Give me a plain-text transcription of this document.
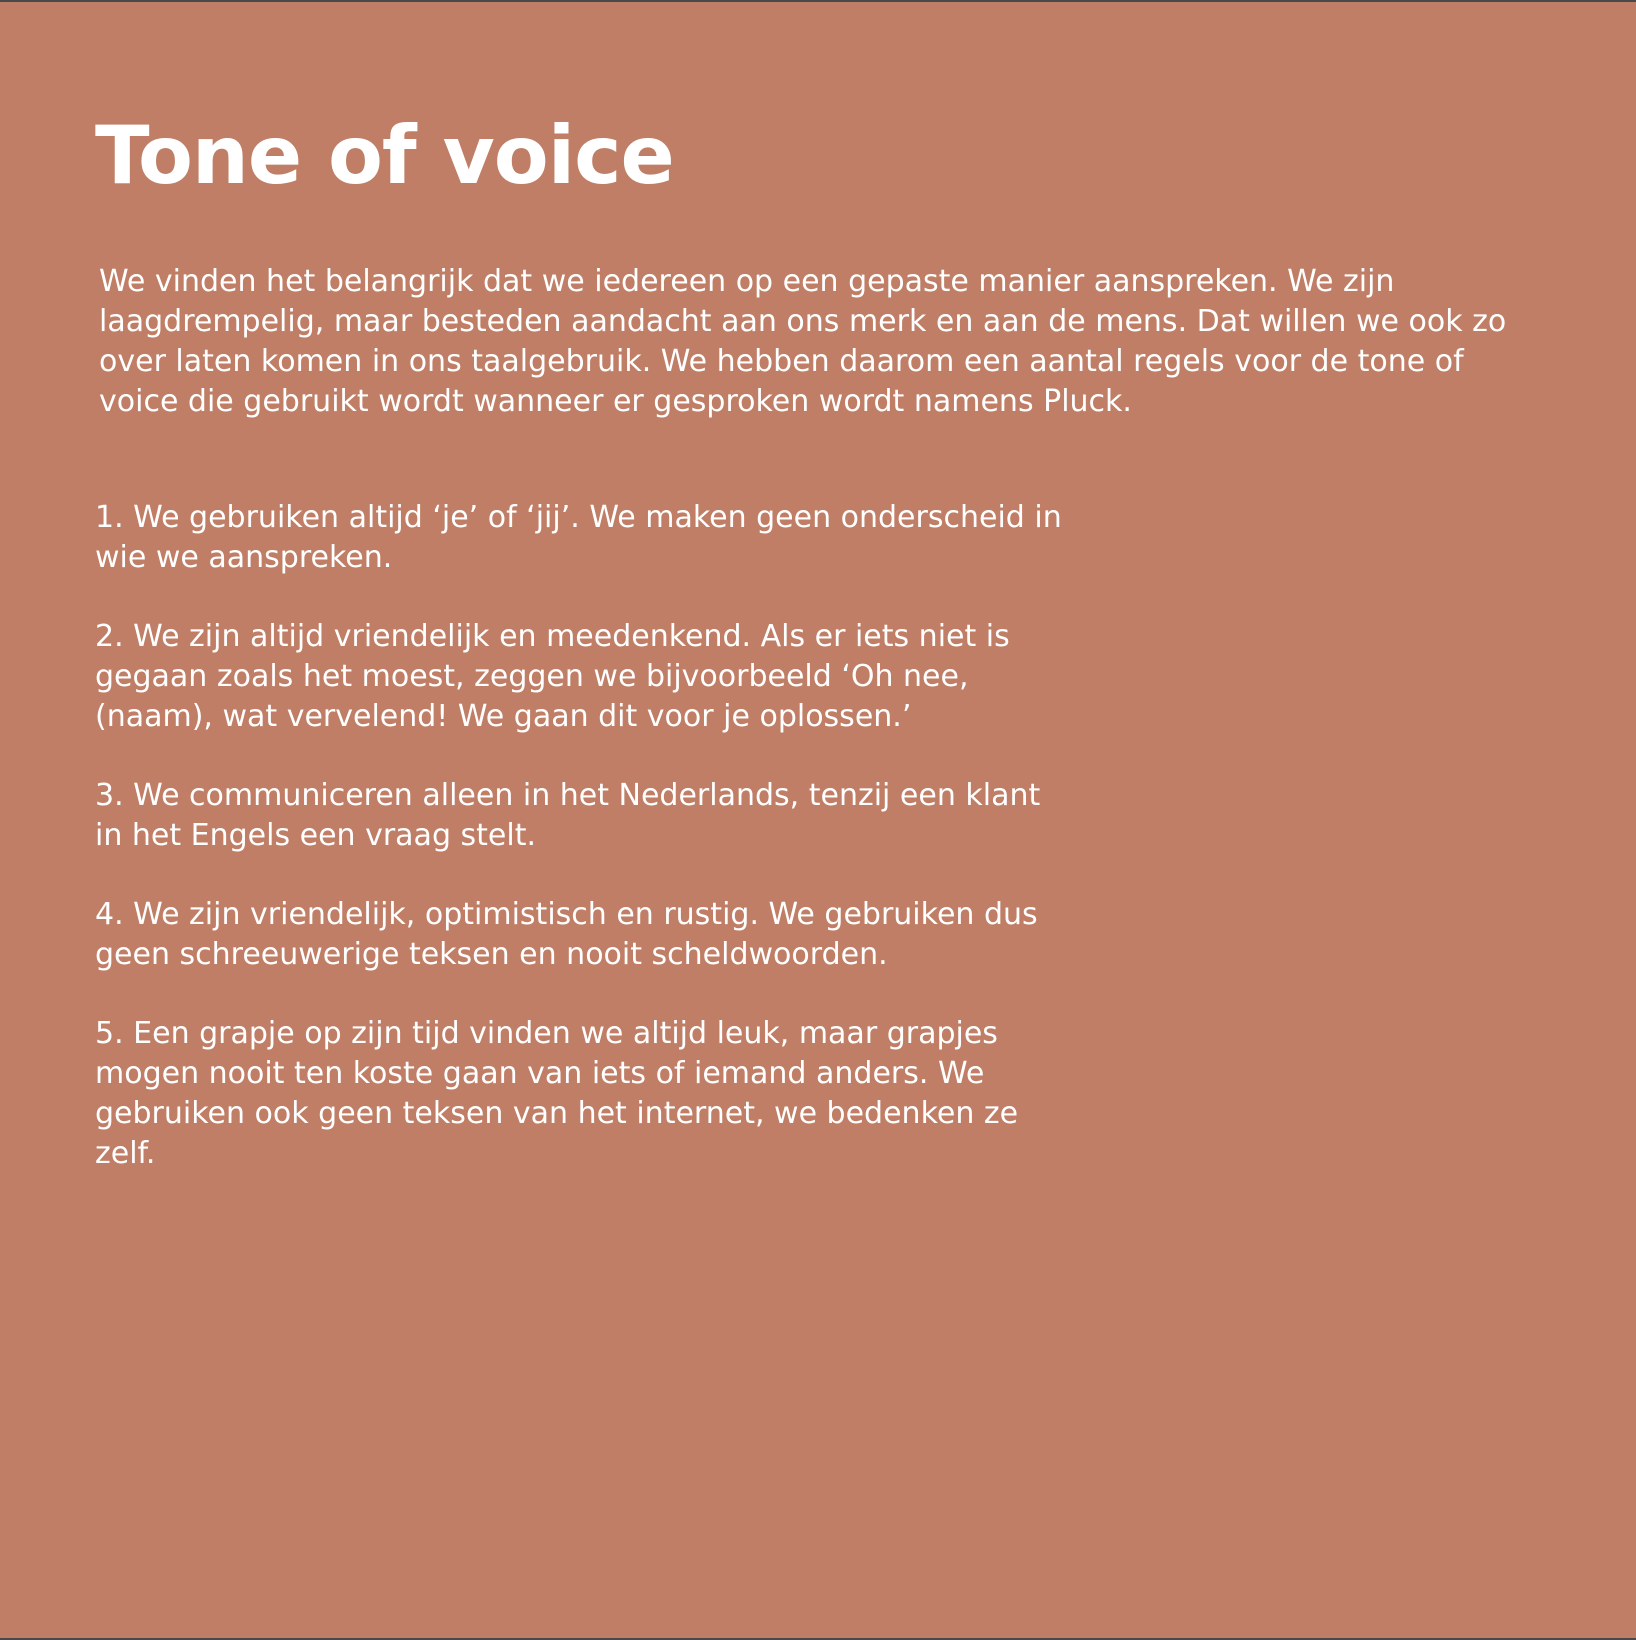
Tone of voice

We vinden het belangrijk dat we iedereen op een gepaste manier aanspreken. We zijn laagdrempelig, maar besteden aandacht aan ons merk en aan de mens. Dat willen we ook zo over laten komen in ons taalgebruik. We hebben daarom een aantal regels voor de tone of voice die gebruikt wordt wanneer er gesproken wordt namens Pluck.

1. We gebruiken altijd ‘je’ of ‘jij’. We maken geen onderscheid in wie we aanspreken.
2. We zijn altijd vriendelijk en meedenkend. Als er iets niet is gegaan zoals het moest, zeggen we bijvoorbeeld ‘Oh nee, (naam), wat vervelend! We gaan dit voor je oplossen.’
3. We communiceren alleen in het Nederlands, tenzij een klant in het Engels een vraag stelt.
4. We zijn vriendelijk, optimistisch en rustig. We gebruiken dus geen schreeuwerige teksen en nooit scheldwoorden.
5. Een grapje op zijn tijd vinden we altijd leuk, maar grapjes mogen nooit ten koste gaan van iets of iemand anders. We gebruiken ook geen teksen van het internet, we bedenken ze zelf.
